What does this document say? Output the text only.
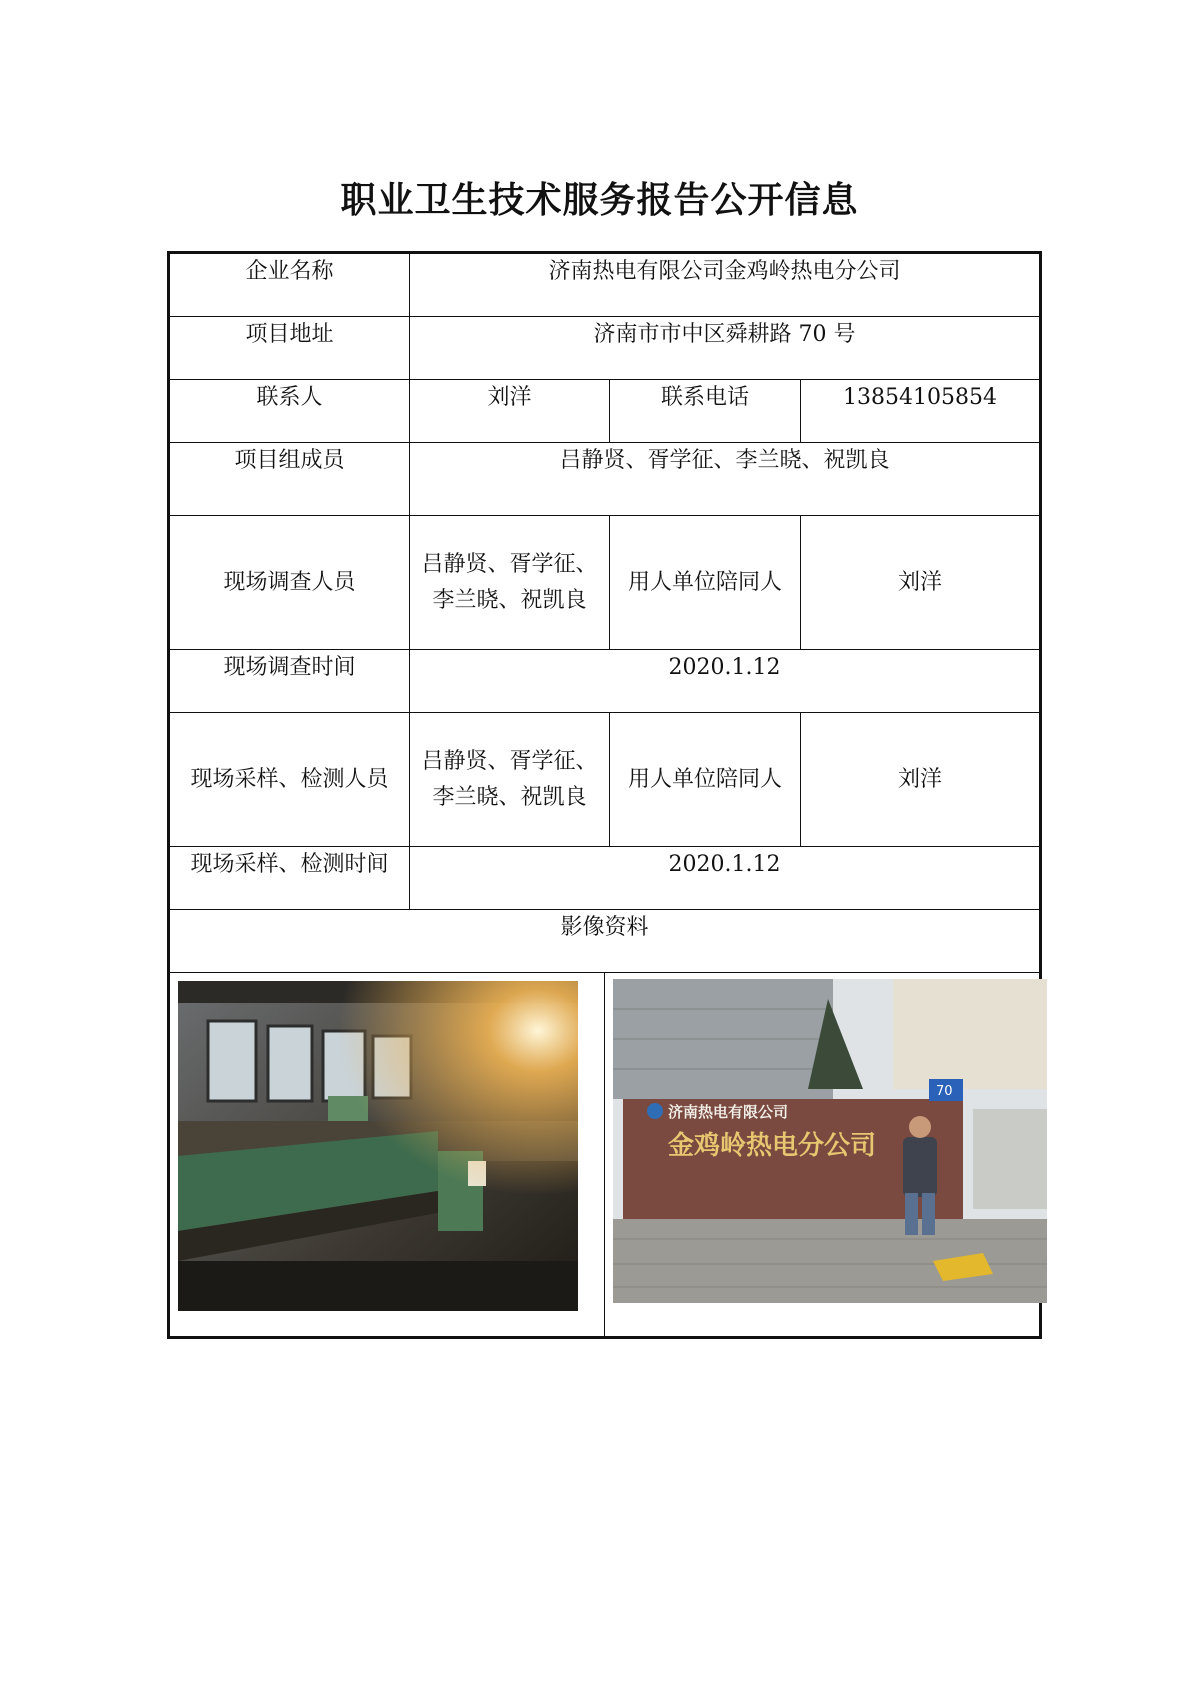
职业卫生技术服务报告公开信息
企业名称	济南热电有限公司金鸡岭热电分公司		
项目地址	济南市市中区舜耕路 70 号		
联系人	刘洋	联系电话	13854105854
项目组成员	吕静贤、胥学征、李兰晓、祝凯良		
现场调查人员	吕静贤、胥学征、李兰晓、祝凯良	用人单位陪同人	刘洋
现场调查时间	2020.1.12		
现场采样、检测人员	吕静贤、胥学征、李兰晓、祝凯良	用人单位陪同人	刘洋
现场采样、检测时间	2020.1.12		
影像资料			

济南热电有限公司
金鸡岭热电分公司
70			
